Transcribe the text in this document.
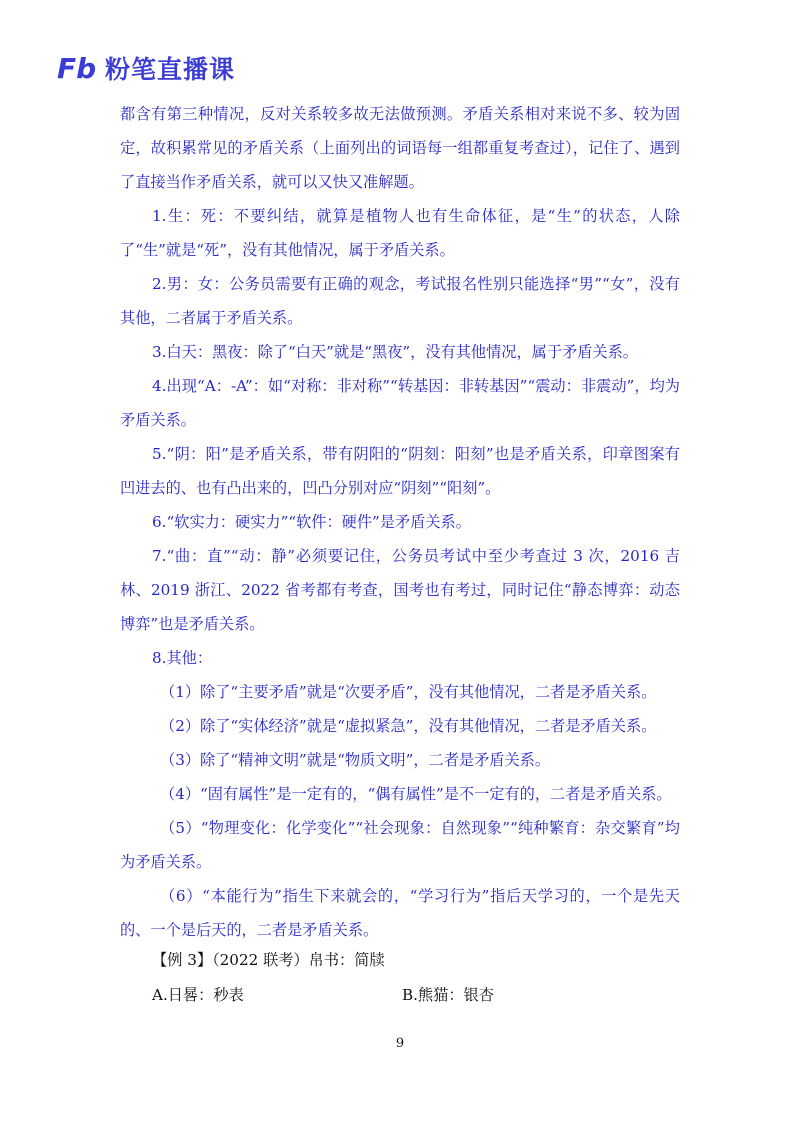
Fb 粉笔直播课

都含有第三种情况，反对关系较多故无法做预测。矛盾关系相对来说不多、较为固定，故积累常见的矛盾关系（上面列出的词语每一组都重复考查过），记住了、遇到了直接当作矛盾关系，就可以又快又准解题。

1.生：死：不要纠结，就算是植物人也有生命体征，是“生”的状态，人除了“生”就是“死”，没有其他情况，属于矛盾关系。

2.男：女：公务员需要有正确的观念，考试报名性别只能选择“男”“女”，没有其他，二者属于矛盾关系。

3.白天：黑夜：除了“白天”就是“黑夜”，没有其他情况，属于矛盾关系。

4.出现“A：-A”：如“对称：非对称”“转基因：非转基因”“震动：非震动”，均为矛盾关系。

5.“阴：阳”是矛盾关系，带有阴阳的“阴刻：阳刻”也是矛盾关系，印章图案有凹进去的、也有凸出来的，凹凸分别对应“阴刻”“阳刻”。

6.“软实力：硬实力”“软件：硬件”是矛盾关系。

7.“曲：直”“动：静”必须要记住，公务员考试中至少考查过 3 次，2016 吉林、2019 浙江、2022 省考都有考查，国考也有考过，同时记住“静态博弈：动态博弈”也是矛盾关系。

8.其他：

（1）除了“主要矛盾”就是“次要矛盾”，没有其他情况，二者是矛盾关系。

（2）除了“实体经济”就是“虚拟紧急”，没有其他情况，二者是矛盾关系。

（3）除了“精神文明”就是“物质文明”，二者是矛盾关系。

（4）“固有属性”是一定有的，“偶有属性”是不一定有的，二者是矛盾关系。

（5）“物理变化：化学变化”“社会现象：自然现象”“纯种繁育：杂交繁育”均为矛盾关系。

（6）“本能行为”指生下来就会的，“学习行为”指后天学习的，一个是先天的、一个是后天的，二者是矛盾关系。

【例 3】（2022 联考）帛书：简牍
A.日晷：秒表	B.熊猫：银杏
9
